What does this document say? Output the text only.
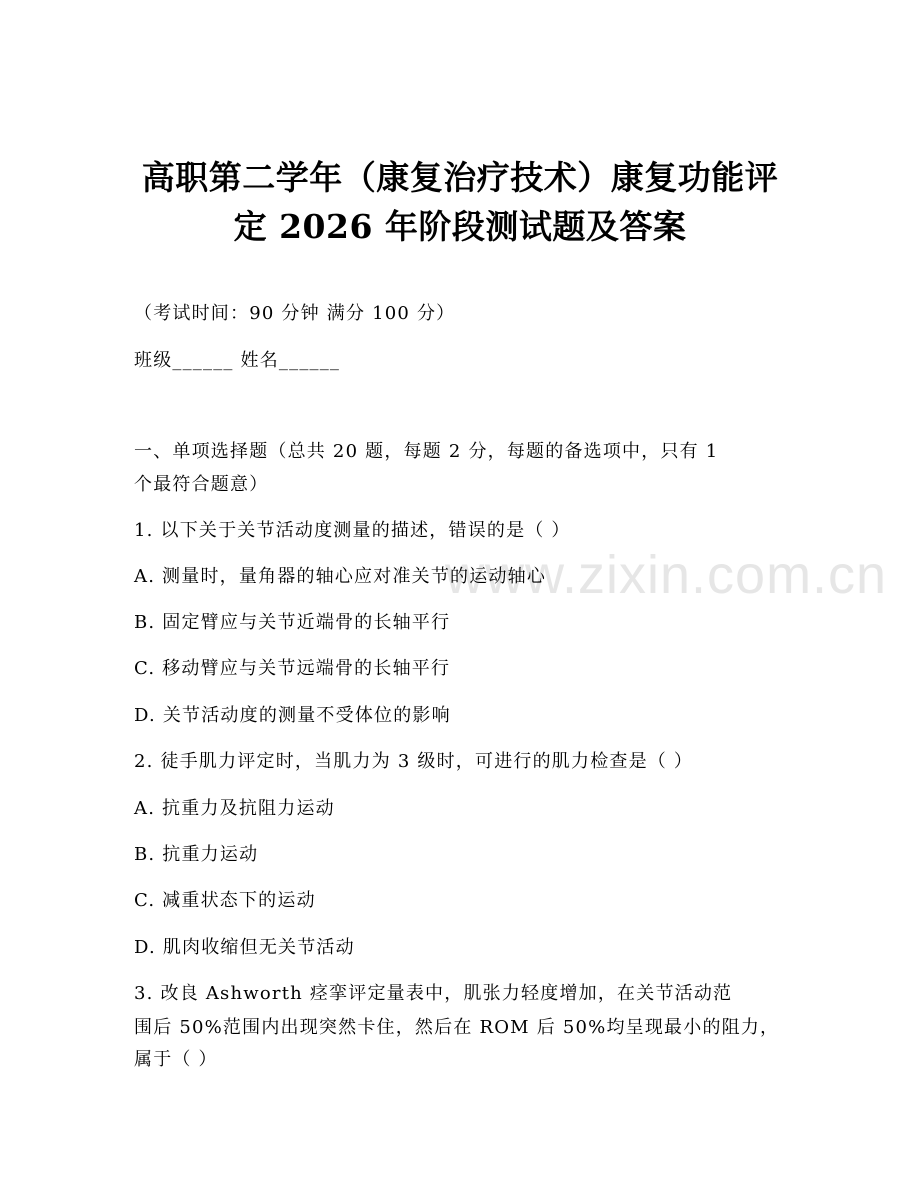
www.zixin.com.cn
高职第二学年（康复治疗技术）康复功能评
定 2026 年阶段测试题及答案
（考试时间：90 分钟 满分 100 分）
班级______ 姓名______
一、单项选择题（总共 20 题，每题 2 分，每题的备选项中，只有 1
个最符合题意）
1. 以下关于关节活动度测量的描述，错误的是（ ）
A. 测量时，量角器的轴心应对准关节的运动轴心
B. 固定臂应与关节近端骨的长轴平行
C. 移动臂应与关节远端骨的长轴平行
D. 关节活动度的测量不受体位的影响
2. 徒手肌力评定时，当肌力为 3 级时，可进行的肌力检查是（ ）
A. 抗重力及抗阻力运动
B. 抗重力运动
C. 减重状态下的运动
D. 肌肉收缩但无关节活动
3. 改良 Ashworth 痉挛评定量表中，肌张力轻度增加，在关节活动范
围后 50%范围内出现突然卡住，然后在 ROM 后 50%均呈现最小的阻力，
属于（ ）
